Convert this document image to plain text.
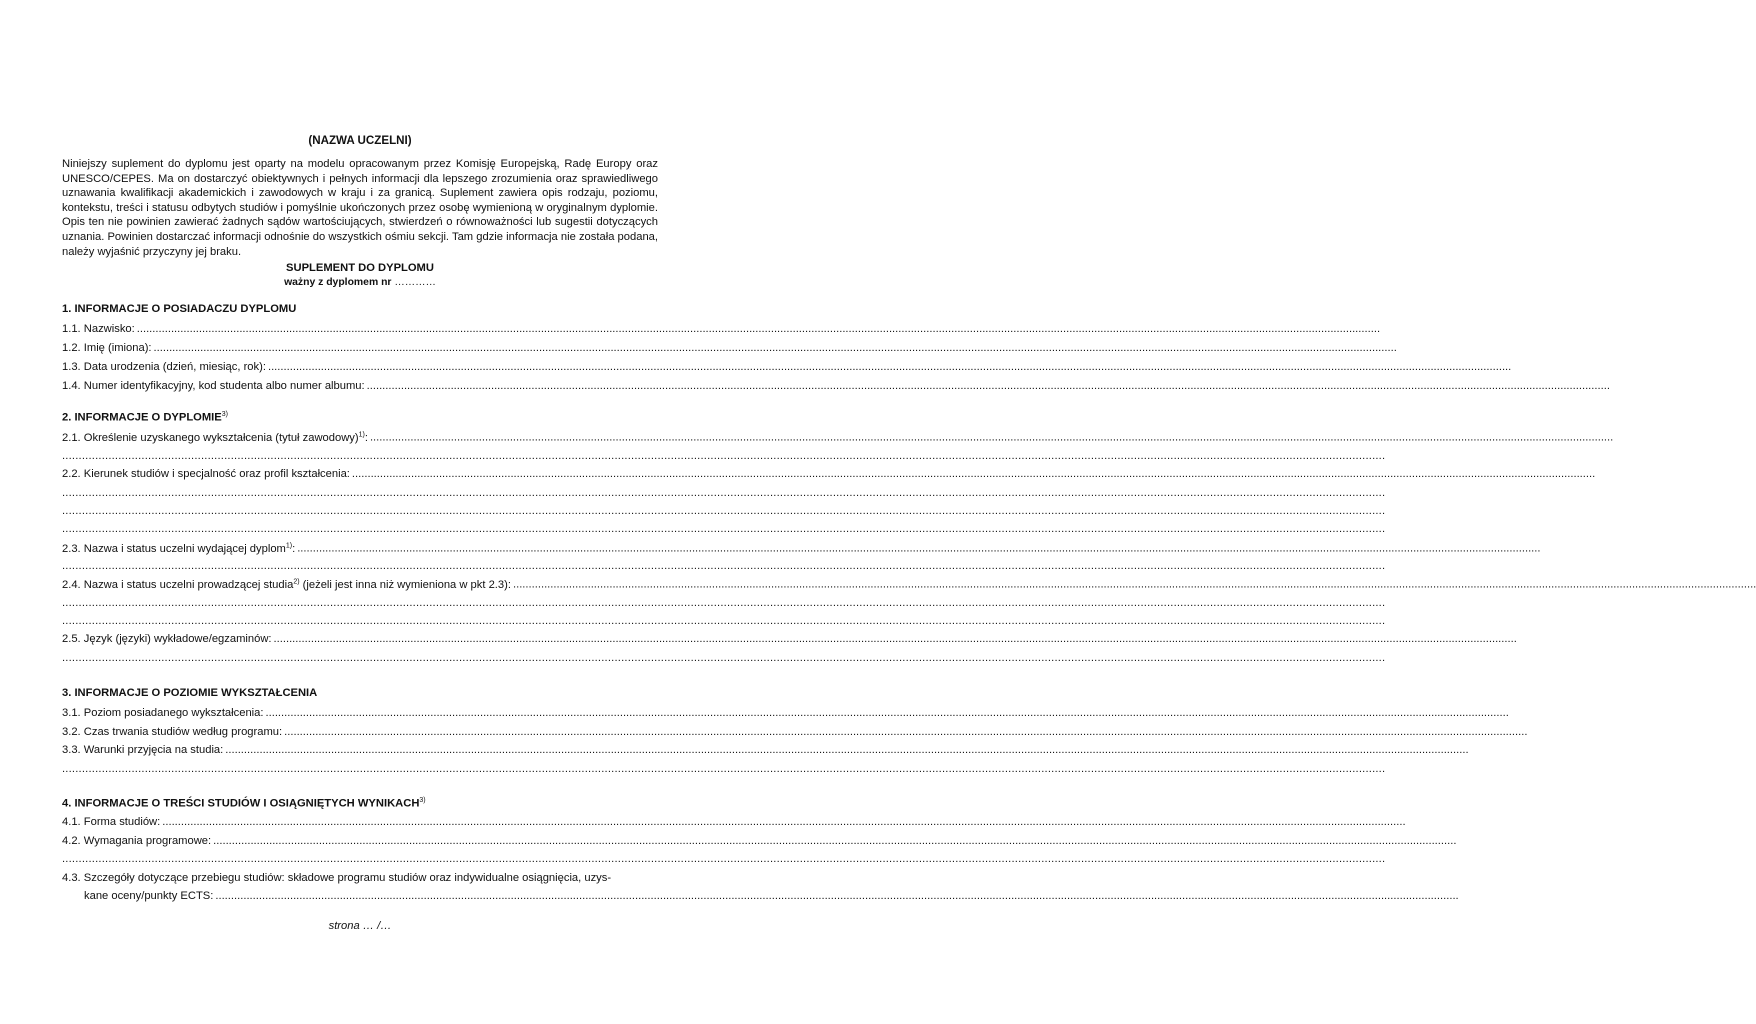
(NAZWA UCZELNI)
Niniejszy suplement do dyplomu jest oparty na modelu opracowanym przez Komisję Europejską, Radę Europy oraz UNESCO/CEPES. Ma on dostarczyć obiektywnych i pełnych informacji dla lepszego zrozumienia oraz sprawiedliwego uznawania kwalifikacji akademickich i zawodowych w kraju i za granicą. Suplement zawiera opis rodzaju, poziomu, kontekstu, treści i statusu odbytych studiów i pomyślnie ukończonych przez osobę wymienioną w oryginalnym dyplomie. Opis ten nie powinien zawierać żadnych sądów wartościujących, stwierdzeń o równoważności lub sugestii dotyczących uznania. Powinien dostarczać informacji odnośnie do wszystkich ośmiu sekcji. Tam gdzie informacja nie została podana, należy wyjaśnić przyczyny jej braku.
SUPLEMENT DO DYPLOMU
ważny z dyplomem nr …………
1. INFORMACJE O POSIADACZU DYPLOMU
1.1. Nazwisko: ................................................................................................................................................................................................................................................................................................................................................................................................................
1.2. Imię (imiona): ................................................................................................................................................................................................................................................................................................................................................................................................................
1.3. Data urodzenia (dzień, miesiąc, rok): ................................................................................................................................................................................................................................................................................................................................................................................................................
1.4. Numer identyfikacyjny, kod studenta albo numer albumu: ................................................................................................................................................................................................................................................................................................................................................................................................................
2. INFORMACJE O DYPLOMIE$^{3)}$
2.1. Określenie uzyskanego wykształcenia (tytuł zawodowy)$^{1)}$: ................................................................................................................................................................................................................................................................................................................................................................................................................
................................................................................................................................................................................................................................................................................................................................................................................................................
2.2. Kierunek studiów i specjalność oraz profil kształcenia: ................................................................................................................................................................................................................................................................................................................................................................................................................
................................................................................................................................................................................................................................................................................................................................................................................................................
................................................................................................................................................................................................................................................................................................................................................................................................................
................................................................................................................................................................................................................................................................................................................................................................................................................
2.3. Nazwa i status uczelni wydającej dyplom$^{1)}$: ................................................................................................................................................................................................................................................................................................................................................................................................................
................................................................................................................................................................................................................................................................................................................................................................................................................
2.4. Nazwa i status uczelni prowadzącej studia$^{2)}$ (jeżeli jest inna niż wymieniona w pkt 2.3): ................................................................................................................................................................................................................................................................................................................................................................................................................
................................................................................................................................................................................................................................................................................................................................................................................................................
................................................................................................................................................................................................................................................................................................................................................................................................................
2.5. Język (języki) wykładowe/egzaminów: ................................................................................................................................................................................................................................................................................................................................................................................................................
................................................................................................................................................................................................................................................................................................................................................................................................................
3. INFORMACJE O POZIOMIE WYKSZTAŁCENIA
3.1. Poziom posiadanego wykształcenia: ................................................................................................................................................................................................................................................................................................................................................................................................................
3.2. Czas trwania studiów według programu: ................................................................................................................................................................................................................................................................................................................................................................................................................
3.3. Warunki przyjęcia na studia: ................................................................................................................................................................................................................................................................................................................................................................................................................
................................................................................................................................................................................................................................................................................................................................................................................................................
4. INFORMACJE O TREŚCI STUDIÓW I OSIĄGNIĘTYCH WYNIKACH$^{3)}$
4.1. Forma studiów: ................................................................................................................................................................................................................................................................................................................................................................................................................
4.2. Wymagania programowe: ................................................................................................................................................................................................................................................................................................................................................................................................................
................................................................................................................................................................................................................................................................................................................................................................................................................
4.3. Szczegóły dotyczące przebiegu studiów: składowe programu studiów oraz indywidualne osiągnięcia, uzys-
kane oceny/punkty ECTS: ................................................................................................................................................................................................................................................................................................................................................................................................................
strona … /…
